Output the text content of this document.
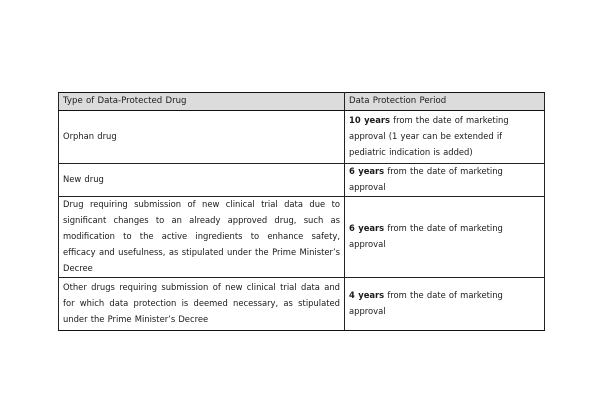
Type of Data-Protected Drug	Data Protection Period
Orphan drug	10 years from the date of marketing approval (1 year can be extended if pediatric indication is added)
New drug	6 years from the date of marketing approval
Drug requiring submission of new clinical trial data due to significant changes to an already approved drug, such as modification to the active ingredients to enhance safety, efficacy and usefulness, as stipulated under the Prime Minister’s Decree	6 years from the date of marketing approval
Other drugs requiring submission of new clinical trial data and for which data protection is deemed necessary, as stipulated under the Prime Minister’s Decree	4 years from the date of marketing approval
